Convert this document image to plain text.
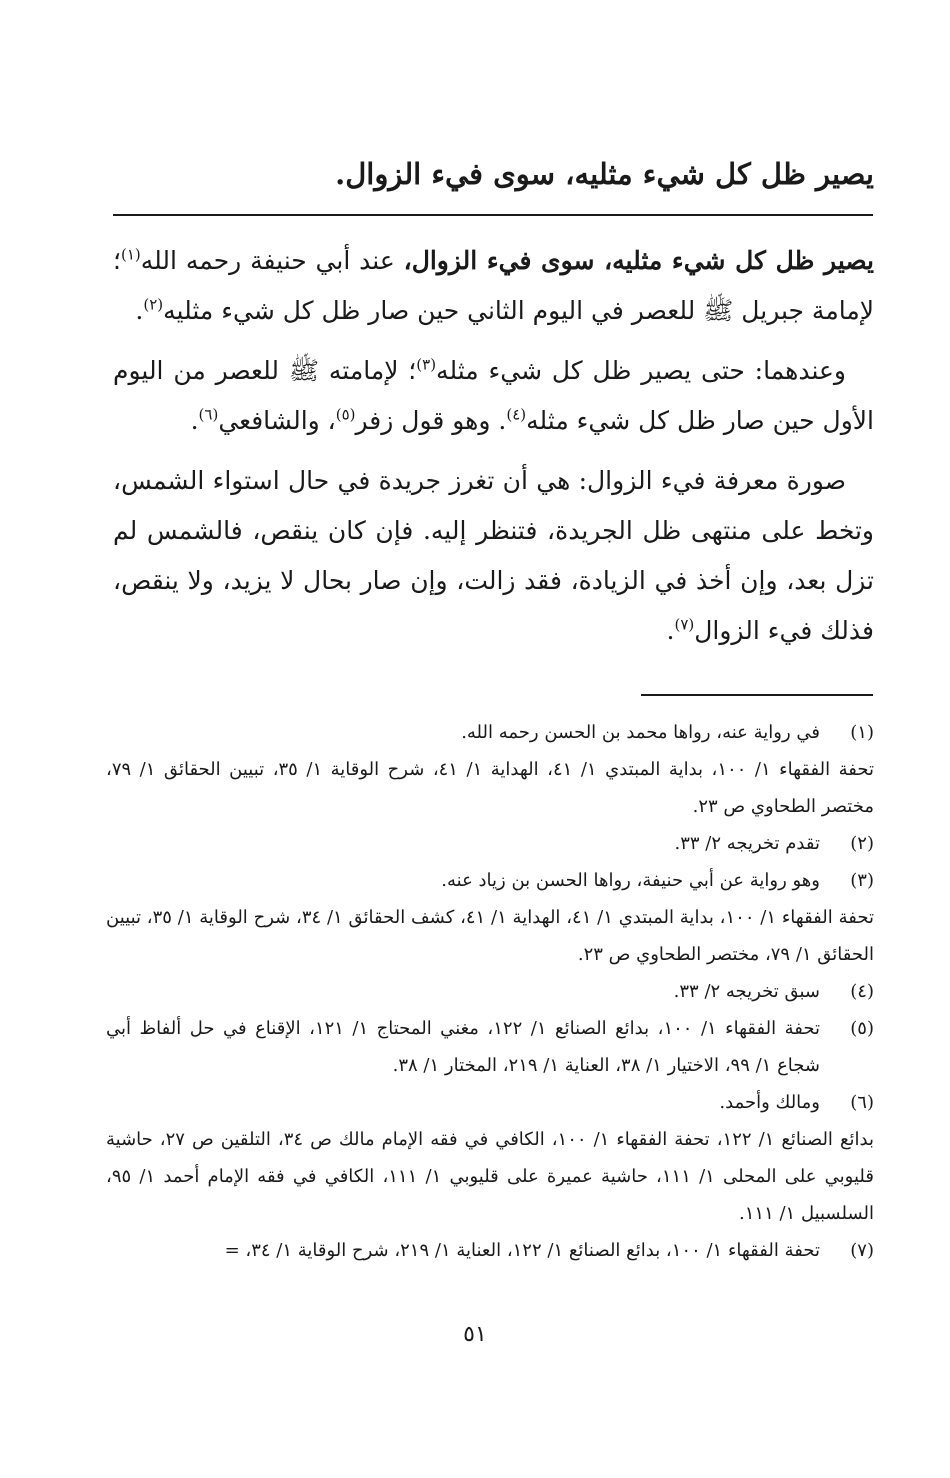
يصير ظل كل شيء مثليه، سوى فيء الزوال.

يصير ظل كل شيء مثليه، سوى فيء الزوال، عند أبي حنيفة رحمه الله$^{(١)}$؛ لإمامة جبريل ﷺ للعصر في اليوم الثاني حين صار ظل كل شيء مثليه$^{(٢)}$.

وعندهما: حتى يصير ظل كل شيء مثله$^{(٣)}$؛ لإمامته ﷺ للعصر من اليوم الأول حين صار ظل كل شيء مثله$^{(٤)}$. وهو قول زفر$^{(٥)}$، والشافعي$^{(٦)}$.

صورة معرفة فيء الزوال: هي أن تغرز جريدة في حال استواء الشمس، وتخط على منتهى ظل الجريدة، فتنظر إليه. فإن كان ينقص، فالشمس لم تزل بعد، وإن أخذ في الزيادة، فقد زالت، وإن صار بحال لا يزيد، ولا ينقص، فذلك فيء الزوال$^{(٧)}$.

(١)
في رواية عنه، رواها محمد بن الحسن رحمه الله.
تحفة الفقهاء ١/ ١٠٠، بداية المبتدي ١/ ٤١، الهداية ١/ ٤١، شرح الوقاية ١/ ٣٥، تبيين الحقائق ١/ ٧٩، مختصر الطحاوي ص ٢٣.
(٢)
تقدم تخريجه ٢/ ٣٣.
(٣)
وهو رواية عن أبي حنيفة، رواها الحسن بن زياد عنه.
تحفة الفقهاء ١/ ١٠٠، بداية المبتدي ١/ ٤١، الهداية ١/ ٤١، كشف الحقائق ١/ ٣٤، شرح الوقاية ١/ ٣٥، تبيين الحقائق ١/ ٧٩، مختصر الطحاوي ص ٢٣.
(٤)
سبق تخريجه ٢/ ٣٣.
(٥)
تحفة الفقهاء ١/ ١٠٠، بدائع الصنائع ١/ ١٢٢، مغني المحتاج ١/ ١٢١، الإقناع في حل ألفاظ أبي شجاع ١/ ٩٩، الاختيار ١/ ٣٨، العناية ١/ ٢١٩، المختار ١/ ٣٨.
(٦)
ومالك وأحمد.
بدائع الصنائع ١/ ١٢٢، تحفة الفقهاء ١/ ١٠٠، الكافي في فقه الإمام مالك ص ٣٤، التلقين ص ٢٧، حاشية قليوبي على المحلى ١/ ١١١، حاشية عميرة على قليوبي ١/ ١١١، الكافي في فقه الإمام أحمد ١/ ٩٥، السلسبيل ١/ ١١١.
(٧)
تحفة الفقهاء ١/ ١٠٠، بدائع الصنائع ١/ ١٢٢، العناية ١/ ٢١٩، شرح الوقاية ١/ ٣٤، =
٥١
